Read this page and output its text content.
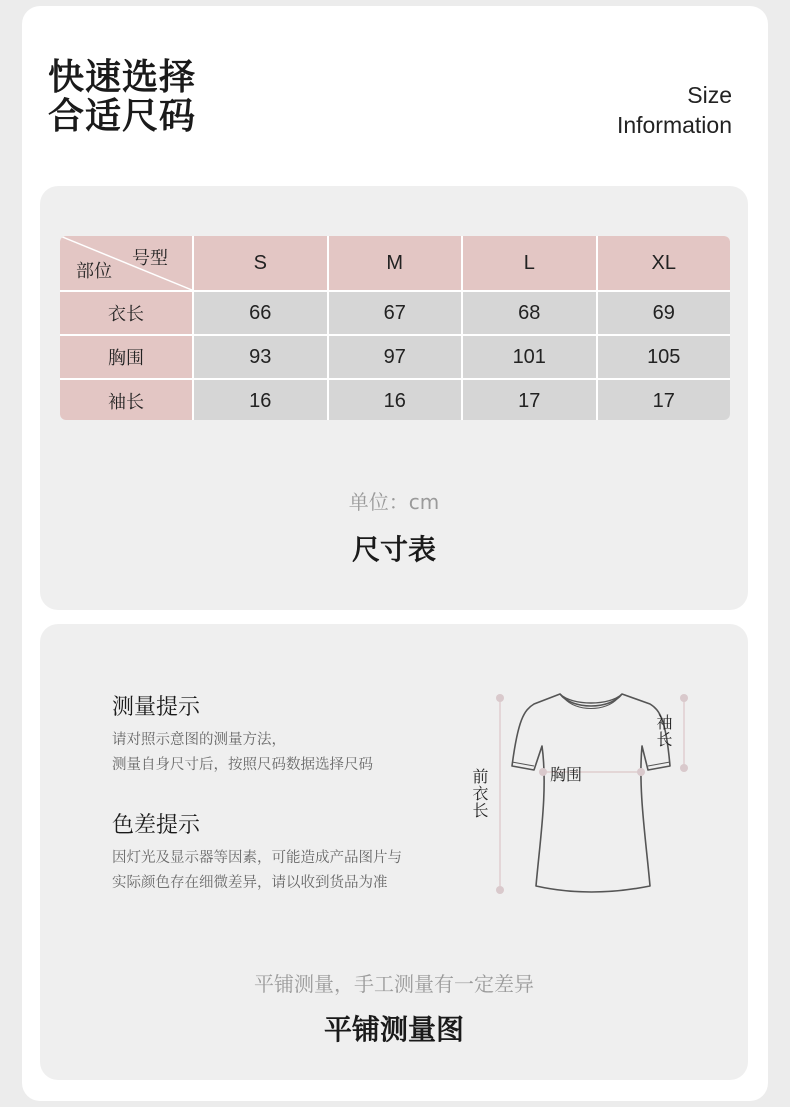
快速选择
合适尺码
Size
Information
号型
部位	S	M	L	XL
衣长	66	67	68	69
胸围	93	97	101	105
袖长	16	16	17	17
单位：cm
尺寸表
测量提示
请对照示意图的测量方法，
测量自身尺寸后，按照尺码数据选择尺码
色差提示
因灯光及显示器等因素，可能造成产品图片与
实际颜色存在细微差异，请以收到货品为准
前衣长
袖长
胸围
平铺测量，手工测量有一定差异
平铺测量图
